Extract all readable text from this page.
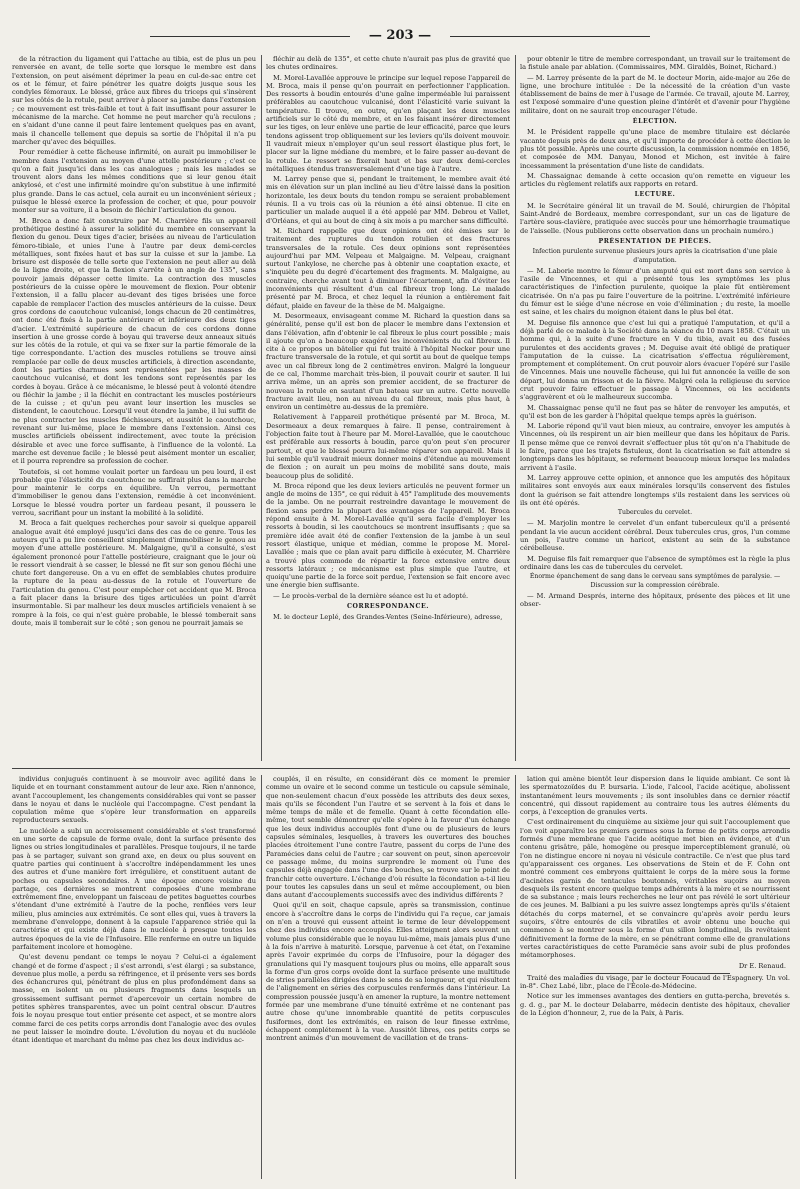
— 203 —

de la rétraction du ligament qui l'attache au tibia, est de plus un peu renversée en avant, de telle sorte que lorsque le membre est dans l'extension, on peut aisément déprimer la peau en cul-de-sac entre cet os et le fémur, et faire pénétrer les quatre doigts jusque sous les condyles fémoraux. Le blessé, grâce aux fibres du triceps qui s'insèrent sur les côtés de la rotule, peut arriver à placer sa jambe dans l'extension ; ce mouvement est très-faible et tout à fait insuffisant pour assurer le mécanisme de la marche. Cet homme ne peut marcher qu'à reculons ; en s'aidant d'une canne il peut faire lentement quelques pas en avant, mais il chancelle tellement que depuis sa sortie de l'hôpital il n'a pu marcher qu'avec des béquilles.

Pour remédier à cette fâcheuse infirmité, on aurait pu immobiliser le membre dans l'extension au moyen d'une attelle postérieure ; c'est ce qu'on a fait jusqu'ici dans les cas analogues ; mais les malades se trouvent alors dans les mêmes conditions que si leur genou était ankylosé, et c'est une infirmité moindre qu'on substitue à une infirmité plus grande. Dans le cas actuel, cela aurait eu un inconvénient sérieux ; puisque le blessé exerce la profession de cocher, et que, pour pouvoir monter sur sa voiture, il a besoin de fléchir l'articulation du genou.

M. Broca a donc fait construire par M. Charrière fils un appareil prothétique destiné à assurer la solidité du membre en conservant la flexion du genou. Deux tiges d'acier, brisées au niveau de l'articulation fémoro-tibiale, et unies l'une à l'autre par deux demi-cercles métalliques, sont fixées haut et bas sur la cuisse et sur la jambe. La brisure est disposée de telle sorte que l'extension ne peut aller au delà de la ligne droite, et que la flexion s'arrête à un angle de 135°, sans pouvoir jamais dépasser cette limite. La contraction des muscles postérieurs de la cuisse opère le mouvement de flexion. Pour obtenir l'extension, il a fallu placer au-devant des tiges brisées une force capable de remplacer l'action des muscles antérieurs de la cuisse. Deux gros cordons de caoutchouc vulcanisé, longs chacun de 20 centimètres, ont donc été fixés à la partie antérieure et inférieure des deux tiges d'acier. L'extrémité supérieure de chacun de ces cordons donne insertion à une grosse corde à boyau qui traverse deux anneaux situés sur les côtés de la rotule, et qui va se fixer sur la partie fémorale de la tige correspondante. L'action des muscles rotuliens se trouve ainsi remplacée par celle de deux muscles artificiels, à direction ascendante, dont les parties charnues sont représentées par les masses de caoutchouc vulcanisé, et dont les tendons sont représentés par les cordes à boyau. Grâce à ce mécanisme, le blessé peut à volonté étendre ou fléchir la jambe ; il la fléchit en contractant les muscles postérieurs de la cuisse ; et qu'un peu avant leur insertion les muscles se distendent, le caoutchouc. Lorsqu'il veut étendre la jambe, il lui suffit de ne plus contracter les muscles fléchisseurs, et aussitôt le caoutchouc, revenant sur lui-même, place le membre dans l'extension. Ainsi ces muscles artificiels obéissent indirectement, avec toute la précision désirable et avec une force suffisante, à l'influence de la volonté. La marche est devenue facile ; le blessé peut aisément monter un escalier, et il pourra reprendre sa profession de cocher.

Toutefois, si cet homme voulait porter un fardeau un peu lourd, il est probable que l'élasticité du caoutchouc ne suffirait plus dans la marche pour maintenir le corps en équilibre. Un verrou, permettant d'immobiliser le genou dans l'extension, remédie à cet inconvénient. Lorsque le blessé voudra porter un fardeau pesant, il poussera le verrou, sacrifiant pour un instant la mobilité à la solidité.

M. Broca a fait quelques recherches pour savoir si quelque appareil analogue avait été employé jusqu'ici dans des cas de ce genre. Tous les auteurs qu'il a pu lire conseillent simplement d'immobiliser le genou au moyen d'une attelle postérieure. M. Malgaigne, qu'il a consulté, s'est également prononcé pour l'attelle postérieure, craignant que le jour où le ressort viendrait à se casser, le blessé ne fît sur son genou fléchi une chute fort dangereuse. On a vu en effet de semblables chutes produire la rupture de la peau au-dessus de la rotule et l'ouverture de l'articulation du genou. C'est pour empêcher cet accident que M. Broca a fait placer dans la brisure des tiges articulées un point d'arrêt insurmontable. Si par malheur les deux muscles artificiels venaient à se rompre à la fois, ce qui n'est guère probable, le blessé tomberait sans doute, mais il tomberait sur le côté ; son genou ne pourrait jamais se

fléchir au delà de 135°, et cette chute n'aurait pas plus de gravité que les chutes ordinaires.

M. Morel-Lavallée approuve le principe sur lequel repose l'appareil de M. Broca, mais il pense qu'on pourrait en perfectionner l'application. Des ressorts à boudin entourés d'une gaîne imperméable lui paraissent préférables au caoutchouc vulcanisé, dont l'élasticité varie suivant la température. Il trouve, en outre, qu'en plaçant les deux muscles artificiels sur le côté du membre, et en les faisant insérer directement sur les tiges, on leur enlève une partie de leur efficacité, parce que leurs tendons agissent trop obliquement sur les leviers qu'ils doivent mouvoir. Il vaudrait mieux n'employer qu'un seul ressort élastique plus fort, le placer sur la ligne médiane du membre, et le faire passer au-devant de la rotule. Le ressort se fixerait haut et bas sur deux demi-cercles métalliques étendus transversalement d'une tige à l'autre.

M. Larrey pense que si, pendant le traitement, le membre avait été mis en élévation sur un plan incliné au lieu d'être laissé dans la position horizontale, les deux bouts du tendon rompu se seraient probablement réunis. Il a vu trois cas où la réunion a été ainsi obtenue. Il cite en particulier un malade auquel il a été appelé par MM. Debrou et Vallet, d'Orléans, et qui au bout de cinq à six mois a pu marcher sans difficulté.

M. Richard rappelle que deux opinions ont été émises sur le traitement des ruptures du tendon rotulien et des fractures transversales de la rotule. Ces deux opinions sont représentées aujourd'hui par MM. Velpeau et Malgaigne. M. Velpeau, craignant surtout l'ankylose, ne cherche pas à obtenir une coaptation exacte, et s'inquiète peu du degré d'écartement des fragments. M. Malgaigne, au contraire, cherche avant tout à diminuer l'écartement, afin d'éviter les inconvénients qui résultent d'un cal fibreux trop long. Le malade présenté par M. Broca, et chez lequel la réunion a entièrement fait défaut, plaide en faveur de la thèse de M. Malgaigne.

M. Desormeaux, envisageant comme M. Richard la question dans sa généralité, pense qu'il est bon de placer le membre dans l'extension et dans l'élévation, afin d'obtenir le cal fibreux le plus court possible ; mais il ajoute qu'on a beaucoup exagéré les inconvénients du cal fibreux. Il cite à ce propos un bâtelier qui fut traité à l'hôpital Necker pour une fracture transversale de la rotule, et qui sortit au bout de quelque temps avec un cal fibreux long de 2 centimètres environ. Malgré la longueur de ce cal, l'homme marchait très-bien, il pouvait courir et sauter. Il lui arriva même, un an après son premier accident, de se fracturer de nouveau la rotule en sautant d'un bateau sur un autre. Cette nouvelle fracture avait lieu, non au niveau du cal fibreux, mais plus haut, à environ un centimètre au-dessus de la première.

Relativement à l'appareil prothétique présenté par M. Broca, M. Desormeaux a deux remarques à faire. Il pense, contrairement à l'objection faite tout à l'heure par M. Morel-Lavallée, que le caoutchouc est préférable aux ressorts à boudin, parce qu'on peut s'en procurer partout, et que le blessé pourra lui-même réparer son appareil. Mais il lui semble qu'il vaudrait mieux donner moins d'étendue au mouvement de flexion ; on aurait un peu moins de mobilité sans doute, mais beaucoup plus de solidité.

M. Broca répond que les deux leviers articulés ne peuvent former un angle de moins de 135°, ce qui réduit à 45° l'amplitude des mouvements de la jambe. On ne pourrait restreindre davantage le mouvement de flexion sans perdre la plupart des avantages de l'appareil. M. Broca répond ensuite à M. Morel-Lavallée qu'il sera facile d'employer les ressorts à boudin, si les caoutchoucs se montrent insuffisants ; que sa première idée avait été de confier l'extension de la jambe à un seul ressort élastique, unique et médian, comme le propose M. Morel-Lavallée ; mais que ce plan avait paru difficile à exécuter, M. Charrière a trouvé plus commode de répartir la force extensive entre deux ressorts latéraux ; ce mécanisme est plus simple que l'autre, et quoiqu'une partie de la force soit perdue, l'extension se fait encore avec une énergie bien suffisante.

— Le procès-verbal de la dernière séance est lu et adopté.

CORRESPONDANCE.

M. le docteur Leplé, des Grandes-Ventes (Seine-Inférieure), adresse,

pour obtenir le titre de membre correspondant, un travail sur le traitement de la fistule anale par ablation. (Commissaires, MM. Giraldès, Boinet, Richard.)

— M. Larrey présente de la part de M. le docteur Morin, aide-major au 26e de ligne, une brochure intitulée : De la nécessité de la création d'un vaste établissement de bains de mer à l'usage de l'armée. Ce travail, ajoute M. Larrey, est l'exposé sommaire d'une question pleine d'intérêt et d'avenir pour l'hygiène militaire, dont on ne saurait trop encourager l'étude.

ÉLECTION.

M. le Président rappelle qu'une place de membre titulaire est déclarée vacante depuis près de deux ans, et qu'il importe de procéder à cette élection le plus tôt possible. Après une courte discussion, la commission nommée en 1856, et composée de MM. Danyau, Monod et Michon, est invitée à faire incessamment la présentation d'une liste de candidats.

M. Chassaignac demande à cette occasion qu'on remette en vigueur les articles du règlement relatifs aux rapports en retard.

LECTURE.

M. le Secrétaire général lit un travail de M. Soulé, chirurgien de l'hôpital Saint-André de Bordeaux, membre correspondant, sur un cas de ligature de l'artère sous-clavière, pratiquée avec succès pour une hémorrhagie traumatique de l'aisselle. (Nous publierons cette observation dans un prochain numéro.)

PRÉSENTATION DE PIÈCES.
Infection purulente survenue plusieurs jours après la cicatrisation d'une plaie d'amputation.

— M. Laborie montre le fémur d'un amputé qui est mort dans son service à l'asile de Vincennes, et qui a présenté tous les symptômes les plus caractéristiques de l'infection purulente, quoique la plaie fût entièrement cicatrisée. On n'a pas pu faire l'ouverture de la poitrine. L'extrémité inférieure du fémur est le siége d'une nécrose en voie d'élimination ; du reste, la moelle est saine, et les chairs du moignon étaient dans le plus bel état.

M. Deguise fils annonce que c'est lui qui a pratiqué l'amputation, et qu'il a déjà parlé de ce malade à la Société dans la séance du 10 mars 1858. C'était un homme qui, à la suite d'une fracture en V du tibia, avait eu des fusées purulentes et des accidents graves ; M. Deguise avait été obligé de pratiquer l'amputation de la cuisse. La cicatrisation s'effectua régulièrement, promptement et complétement. On crut pouvoir alors évacuer l'opéré sur l'asile de Vincennes. Mais une nouvelle fâcheuse, qui lui fut annoncée la veille de son départ, lui donna un frisson et de la fièvre. Malgré cela la religieuse du service crut pouvoir faire effectuer le passage à Vincennes, où les accidents s'aggravèrent et où le malheureux succomba.

M. Chassaignac pense qu'il ne faut pas se hâter de renvoyer les amputés, et qu'il est bon de les garder à l'hôpital quelque temps après la guérison.

M. Laborie répond qu'il vaut bien mieux, au contraire, envoyer les amputés à Vincennes, où ils respirent un air bien meilleur que dans les hôpitaux de Paris. Il pense même que ce renvoi devrait s'effectuer plus tôt qu'on n'a l'habitude de le faire, parce que les trajets fistuleux, dont la cicatrisation se fait attendre si longtemps dans les hôpitaux, se referment beaucoup mieux lorsque les malades arrivent à l'asile.

M. Larrey approuve cette opinion, et annonce que les amputés des hôpitaux militaires sont envoyés aux eaux minérales lorsqu'ils conservent des fistules dont la guérison se fait attendre longtemps s'ils restaient dans les services où ils ont été opérés.

Tubercules du cervelet.

— M. Marjolin montre le cervelet d'un enfant tuberculeux qu'il a présenté pendant la vie aucun accident cérébral. Deux tubercules crus, gros, l'un comme un pois, l'autre comme un haricot, existent au sein de la substance cérébelleuse.

M. Deguise fils fait remarquer que l'absence de symptômes est la règle la plus ordinaire dans les cas de tubercules du cervelet.

Énorme épanchement de sang dans le cerveau sans symptômes de paralysie. — Discussion sur la compression cérébrale.

— M. Armand Després, interne des hôpitaux, présente des pièces et lit une obser-

individus conjugués continuent à se mouvoir avec agilité dans le liquide et en tournant constamment autour de leur axe. Rien n'annonce, avant l'accouplement, les changements considérables qui vont se passer dans le noyau et dans le nucléole qui l'accompagne. C'est pendant la copulation même que s'opère leur transformation en appareils reproducteurs sexuels.

Le nucléole a subi un accroissement considérable et s'est transformé en une sorte de capsule de forme ovale, dont la surface présente des lignes ou stries longitudinales et parallèles. Presque toujours, il ne tarde pas à se partager, suivant son grand axe, en deux ou plus souvent en quatre parties qui continuent à s'accroître indépendamment les unes des autres et d'une manière fort irrégulière, et constituent autant de poches ou capsules secondaires. A une époque encore voisine du partage, ces dernières se montrent composées d'une membrane extrêmement fine, enveloppant un faisceau de petites baguettes courbes s'étendant d'une extrémité à l'autre de la poche, renflées vers leur milieu, plus amincies aux extrémités. Ce sont elles qui, vues à travers la membrane d'enveloppe, donnent à la capsule l'apparence striée qui la caractérise et qui existe déjà dans le nucléole à presque toutes les autres époques de la vie de l'Infusoire. Elle renferme en outre un liquide parfaitement incolore et homogène.

Qu'est devenu pendant ce temps le noyau ? Celui-ci a également changé et de forme d'aspect ; il s'est arrondi, s'est élargi ; sa substance, devenue plus molle, a perdu sa réfringence, et il présente vers ses bords des échancrures qui, pénétrant de plus en plus profondément dans sa masse, en isolent un ou plusieurs fragments dans lesquels un grossissement suffisant permet d'apercevoir un certain nombre de petites sphères transparentes, avec un point central obscur. D'autres fois le noyau presque tout entier présente cet aspect, et se montre alors comme farci de ces petits corps arrondis dont l'analogie avec des ovules ne peut laisser le moindre doute. L'évolution du noyau et du nucléole étant identique et marchant du même pas chez les deux individus ac-

couplés, il en résulte, en considérant dès ce moment le premier comme un ovaire et le second comme un testicule ou capsule séminale, que non-seulement chacun d'eux possède les attributs des deux sexes, mais qu'ils se fécondent l'un l'autre et se servent à la fois et dans le même temps de mâle et de femelle. Quant à cette fécondation elle-même, tout semble démontrer qu'elle s'opère à la faveur d'un échange que les deux individus accouplés font d'une ou de plusieurs de leurs capsules séminales, lesquelles, à travers les ouvertures des bouches placées étroitement l'une contre l'autre, passent du corps de l'une des Paramécies dans celui de l'autre ; car souvent on peut, sinon apercevoir ce passage même, du moins surprendre le moment où l'une des capsules déjà engagée dans l'une des bouches, se trouve sur le point de franchir cette ouverture. L'échange d'où résulte la fécondation a-t-il lieu pour toutes les capsules dans un seul et même accouplement, ou bien dans autant d'accouplements successifs avec des individus différents ?

Quoi qu'il en soit, chaque capsule, après sa transmission, continue encore à s'accroître dans le corps de l'individu qui l'a reçue, car jamais on n'en a trouvé qui eussent atteint le terme de leur développement chez des individus encore accouplés. Elles atteignent alors souvent un volume plus considérable que le noyau lui-même, mais jamais plus d'une à la fois n'arrive à maturité. Lorsque, parvenue à cet état, on l'examine après l'avoir exprimée du corps de l'Infusoire, pour la dégager des granulations qui l'y masquent toujours plus ou moins, elle apparaît sous la forme d'un gros corps ovoïde dont la surface présente une multitude de stries parallèles dirigées dans le sens de sa longueur, et qui résultent de l'alignement en séries des corpuscules renfermés dans l'intérieur. La compression poussée jusqu'à en amener la rupture, la montre nettement formée par une membrane d'une ténuité extrême et ne contenant pas autre chose qu'une innombrable quantité de petits corpuscules fusiformes, dont les extrémités, en raison de leur finesse extrême, échappent complétement à la vue. Aussitôt libres, ces petits corps se montrent animés d'un mouvement de vacillation et de trans-

lation qui amène bientôt leur dispersion dans le liquide ambiant. Ce sont là les spermatozoïdes du P. bursaria. L'iode, l'alcool, l'acide acétique, abolissent instantanément leurs mouvements ; ils sont insolubles dans ce dernier réactif concentré, qui dissout rapidement au contraire tous les autres éléments du corps, à l'exception de granules verts.

C'est ordinairement du cinquième au sixième jour qui suit l'accouplement que l'on voit apparaître les premiers germes sous la forme de petits corps arrondis formés d'une membrane que l'acide acétique met bien en évidence, et d'un contenu grisâtre, pâle, homogène ou presque imperceptiblement granulé, où l'on ne distingue encore ni noyau ni vésicule contractile. Ce n'est que plus tard qu'apparaissent ces organes. Les observations de Stein et de F. Cohn ont montré comment ces embryons quittaient le corps de la mère sous la forme d'acinètes garnis de tentacules boutonnés, véritables suçoirs au moyen desquels ils restent encore quelque temps adhérents à la mère et se nourrissent de sa substance ; mais leurs recherches ne leur ont pas révélé le sort ultérieur de ces jeunes. M. Balbiani a pu les suivre assez longtemps après qu'ils s'étaient détachés du corps maternel, et se convaincre qu'après avoir perdu leurs suçoirs, s'être entourés de cils vibratiles et avoir obtenu une bouche qui commence à se montrer sous la forme d'un sillon longitudinal, ils revêtaient définitivement la forme de la mère, en se pénétrant comme elle de granulations vertes caractéristiques de cette Paramécie sans avoir subi de plus profondes métamorphoses.

Dr E. Renaud.

Traité des maladies du visage, par le docteur Foucaud de l'Espagnery. Un vol. in-8°. Chez Labé, libr., place de l'École-de-Médecine.

Notice sur les immenses avantages des dentiers en gutta-percha, brevetés s. g. d. g., par M. le docteur Delabarre, médecin dentiste des hôpitaux, chevalier de la Légion d'honneur, 2, rue de la Paix, à Paris.
